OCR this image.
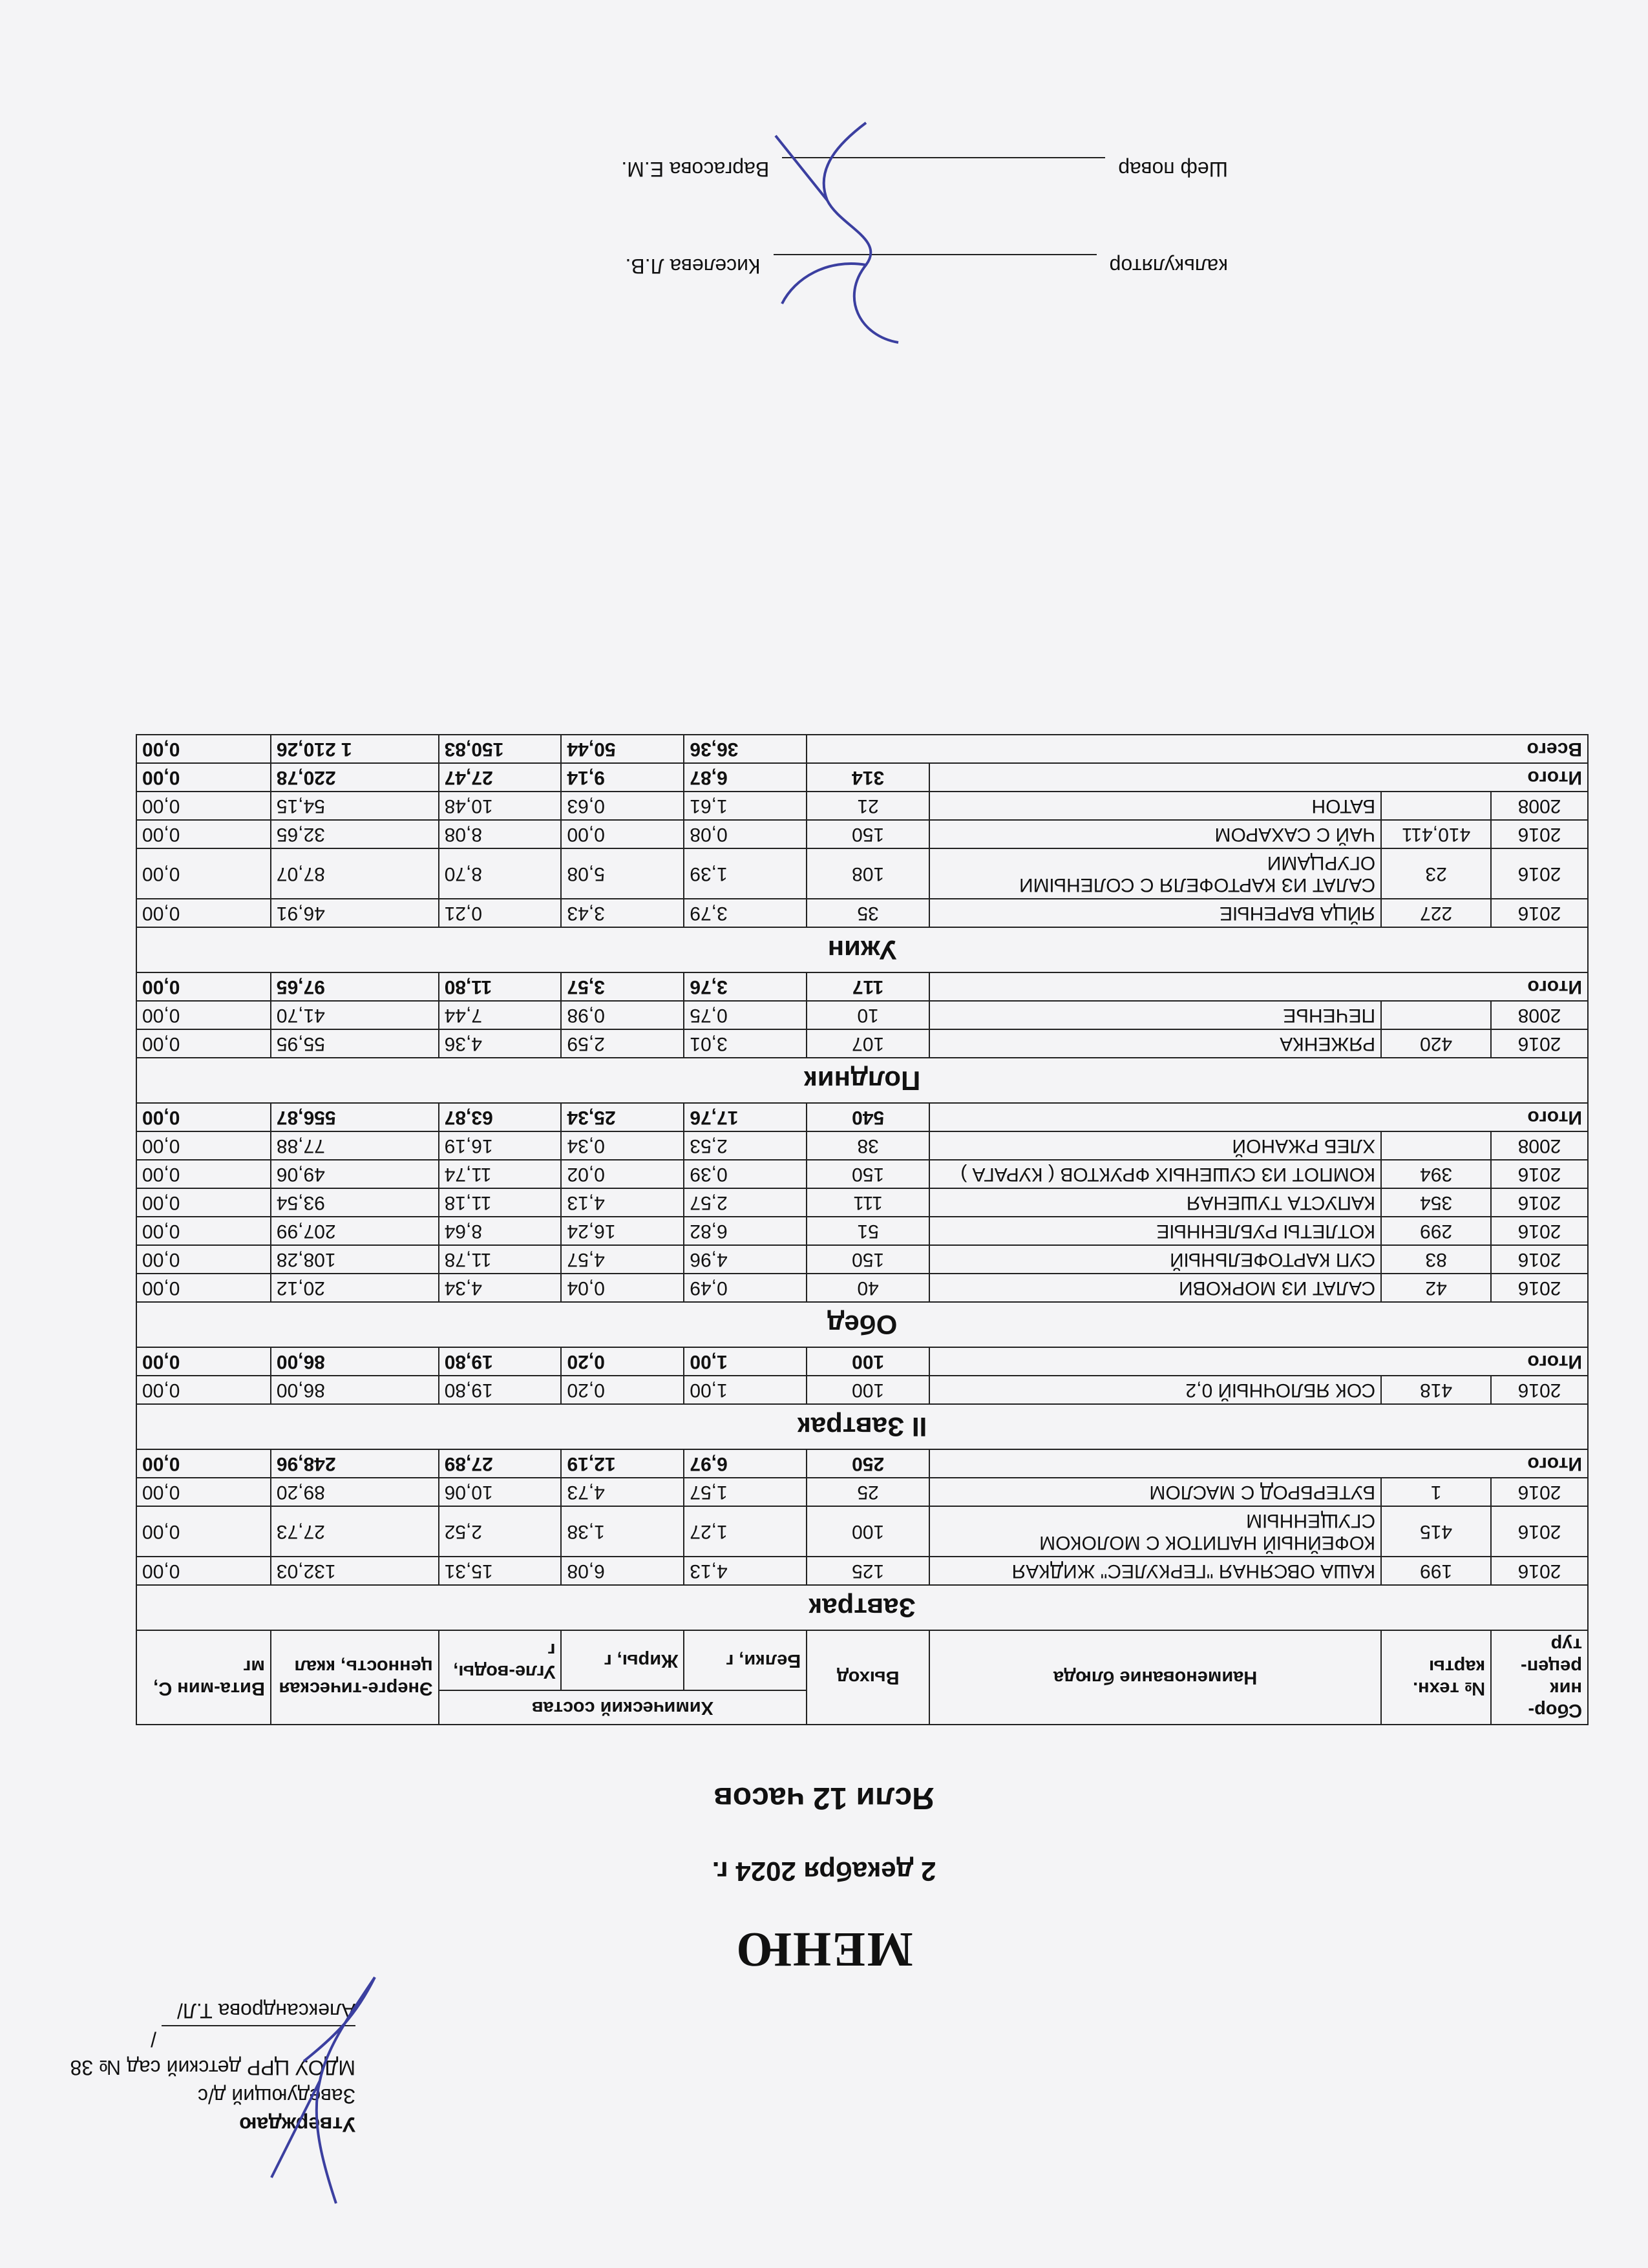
Утверждаю
Заведующий д/с
МДОУ ЦРР детский сад № 38
/Александрова Т.Л/
МЕНЮ
2 декабря 2024 г.
Ясли 12 часов
Сбор-ник рецеп-тур	№ техн. карты	Наименование блюда	Выход	Химический состав			Энерге-тическая ценность, ккал	Вита-мин С, мг
				Белки, г	Жиры, г	Угле-воды, г		
Завтрак								
2016	199	КАША ОВСЯНАЯ "ГЕРКУЛЕС" ЖИДКАЯ	125	4,13	6,08	15,31	132,03	0,00
2016	415	КОФЕЙНЫЙ НАПИТОК С МОЛОКОМ СГУЩЕННЫМ	100	1,27	1,38	2,52	27,73	0,00
2016	1	БУТЕРБРОД С МАСЛОМ	25	1,57	4,73	10,06	89,20	0,00
Итого			250	6,97	12,19	27,89	248,96	0,00
II Завтрак								
2016	418	СОК ЯБЛОЧНЫЙ 0,2	100	1,00	0,20	19,80	86,00	0,00
Итого			100	1,00	0,20	19,80	86,00	0,00
Обед								
2016	42	САЛАТ ИЗ МОРКОВИ	40	0,49	0,04	4,34	20,12	0,00
2016	83	СУП КАРТОФЕЛЬНЫЙ	150	4,96	4,57	11,78	108,28	0,00
2016	299	КОТЛЕТЫ РУБЛЕННЫЕ	51	6,82	16,24	8,64	207,99	0,00
2016	354	КАПУСТА ТУШЕНАЯ	111	2,57	4,13	11,18	93,54	0,00
2016	394	КОМПОТ ИЗ СУШЕНЫХ ФРУКТОВ ( КУРАГА )	150	0,39	0,02	11,74	49,06	0,00
2008		ХЛЕБ РЖАНОЙ	38	2,53	0,34	16,19	77,88	0,00
Итого			540	17,76	25,34	63,87	556,87	0,00
Полдник								
2016	420	РЯЖЕНКА	107	3,01	2,59	4,36	55,95	0,00
2008		ПЕЧЕНЬЕ	10	0,75	0,98	7,44	41,70	0,00
Итого			117	3,76	3,57	11,80	97,65	0,00
Ужин								
2016	227	ЯЙЦА ВАРЕНЫЕ	35	3,79	3,43	0,21	46,91	0,00
2016	23	САЛАТ ИЗ КАРТОФЕЛЯ С СОЛЕНЫМИ ОГУРЦАМИ	108	1,39	5,08	8,70	87,07	0,00
2016	410,411	ЧАЙ С САХАРОМ	150	0,08	0,00	8,08	32,65	0,00
2008		БАТОН	21	1,61	0,63	10,48	54,15	0,00
Итого			314	6,87	9,14	27,47	220,78	0,00
Всего				36,36	50,44	150,83	1 210,26	0,00
калькуляторКиселева Л.В.
Шеф поварВаргасова Е.М.
